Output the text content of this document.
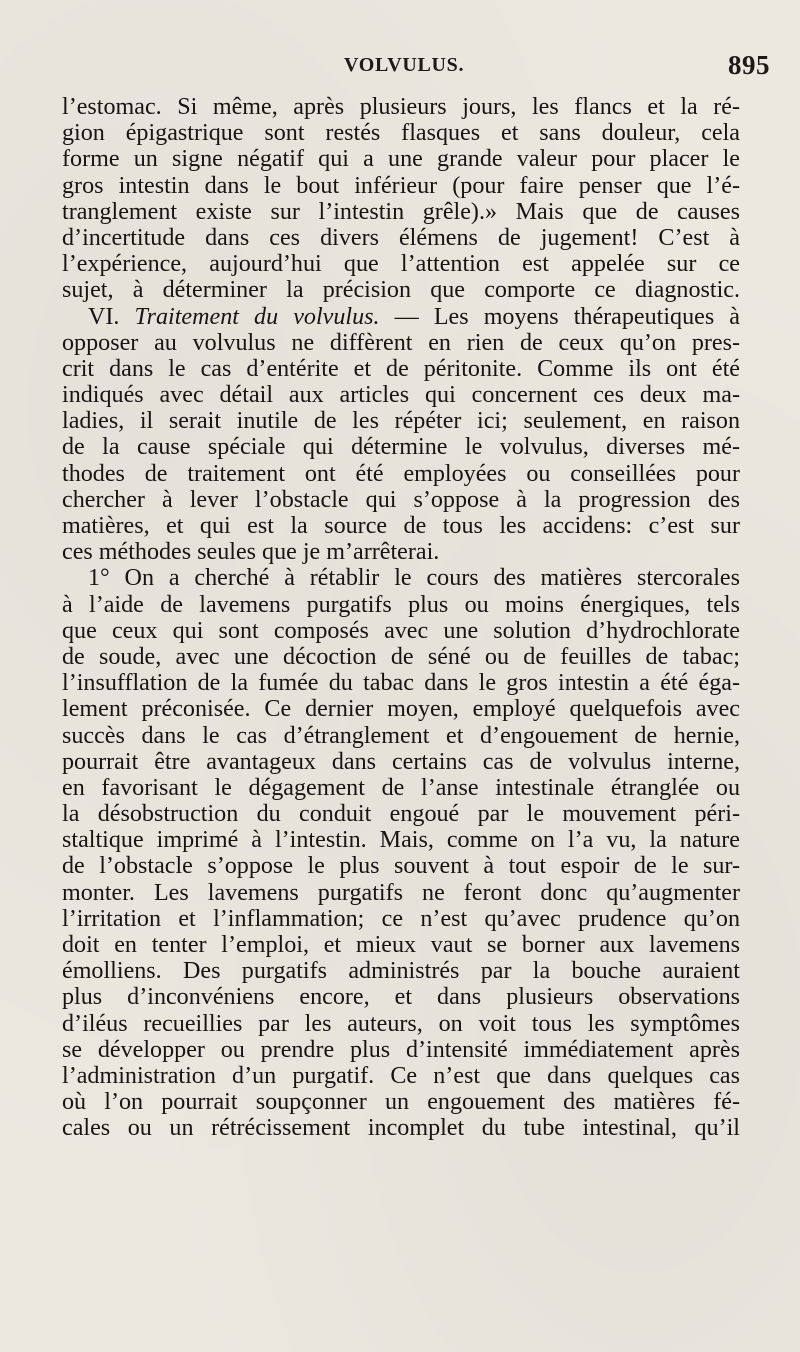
VOLVULUS.	895
l’estomac. Si même, après plusieurs jours, les flancs et la ré-
gion épigastrique sont restés flasques et sans douleur, cela
forme un signe négatif qui a une grande valeur pour placer le
gros intestin dans le bout inférieur (pour faire penser que l’é-
tranglement existe sur l’intestin grêle).» Mais que de causes
d’incertitude dans ces divers élémens de jugement! C’est à
l’expérience, aujourd’hui que l’attention est appelée sur ce
sujet, à déterminer la précision que comporte ce diagnostic.
VI. Traitement du volvulus. — Les moyens thérapeutiques à
opposer au volvulus ne diffèrent en rien de ceux qu’on pres-
crit dans le cas d’entérite et de péritonite. Comme ils ont été
indiqués avec détail aux articles qui concernent ces deux ma-
ladies, il serait inutile de les répéter ici; seulement, en raison
de la cause spéciale qui détermine le volvulus, diverses mé-
thodes de traitement ont été employées ou conseillées pour
chercher à lever l’obstacle qui s’oppose à la progression des
matières, et qui est la source de tous les accidens: c’est sur
ces méthodes seules que je m’arrêterai.
1° On a cherché à rétablir le cours des matières stercorales
à l’aide de lavemens purgatifs plus ou moins énergiques, tels
que ceux qui sont composés avec une solution d’hydrochlorate
de soude, avec une décoction de séné ou de feuilles de tabac;
l’insufflation de la fumée du tabac dans le gros intestin a été éga-
lement préconisée. Ce dernier moyen, employé quelquefois avec
succès dans le cas d’étranglement et d’engouement de hernie,
pourrait être avantageux dans certains cas de volvulus interne,
en favorisant le dégagement de l’anse intestinale étranglée ou
la désobstruction du conduit engoué par le mouvement péri-
staltique imprimé à l’intestin. Mais, comme on l’a vu, la nature
de l’obstacle s’oppose le plus souvent à tout espoir de le sur-
monter. Les lavemens purgatifs ne feront donc qu’augmenter
l’irritation et l’inflammation; ce n’est qu’avec prudence qu’on
doit en tenter l’emploi, et mieux vaut se borner aux lavemens
émolliens. Des purgatifs administrés par la bouche auraient
plus d’inconvéniens encore, et dans plusieurs observations
d’iléus recueillies par les auteurs, on voit tous les symptômes
se développer ou prendre plus d’intensité immédiatement après
l’administration d’un purgatif. Ce n’est que dans quelques cas
où l’on pourrait soupçonner un engouement des matières fé-
cales ou un rétrécissement incomplet du tube intestinal, qu’il
